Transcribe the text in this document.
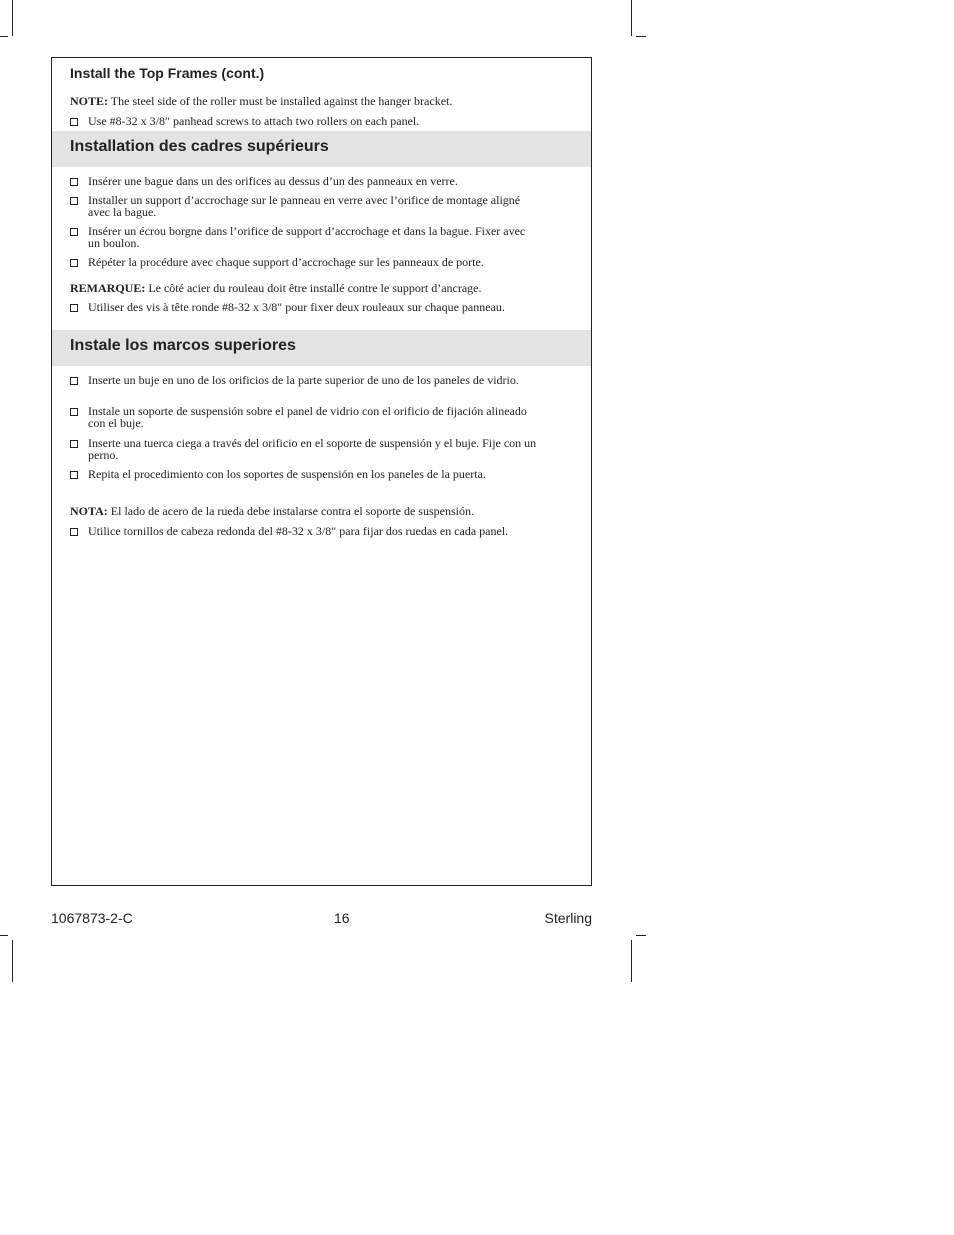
Install the Top Frames (cont.)
NOTE: The steel side of the roller must be installed against the hanger bracket.
Use #8-32 x 3/8″ panhead screws to attach two rollers on each panel.
Installation des cadres supérieurs
Insérer une bague dans un des orifices au dessus d’un des panneaux en verre.
Installer un support d’accrochage sur le panneau en verre avec l’orifice de montage aligné avec la bague.
Insérer un écrou borgne dans l’orifice de support d’accrochage et dans la bague. Fixer avec un boulon.
Répéter la procédure avec chaque support d’accrochage sur les panneaux de porte.
REMARQUE: Le côté acier du rouleau doit être installé contre le support d’ancrage.
Utiliser des vis à tête ronde #8-32 x 3/8″ pour fixer deux rouleaux sur chaque panneau.
Instale los marcos superiores
Inserte un buje en uno de los orificios de la parte superior de uno de los paneles de vidrio.
Instale un soporte de suspensión sobre el panel de vidrio con el orificio de fijación alineado con el buje.
Inserte una tuerca ciega a través del orificio en el soporte de suspensión y el buje. Fije con un perno.
Repita el procedimiento con los soportes de suspensión en los paneles de la puerta.
NOTA: El lado de acero de la rueda debe instalarse contra el soporte de suspensión.
Utilice tornillos de cabeza redonda del #8-32 x 3/8″ para fijar dos ruedas en cada panel.
1067873-2-C	16	Sterling
